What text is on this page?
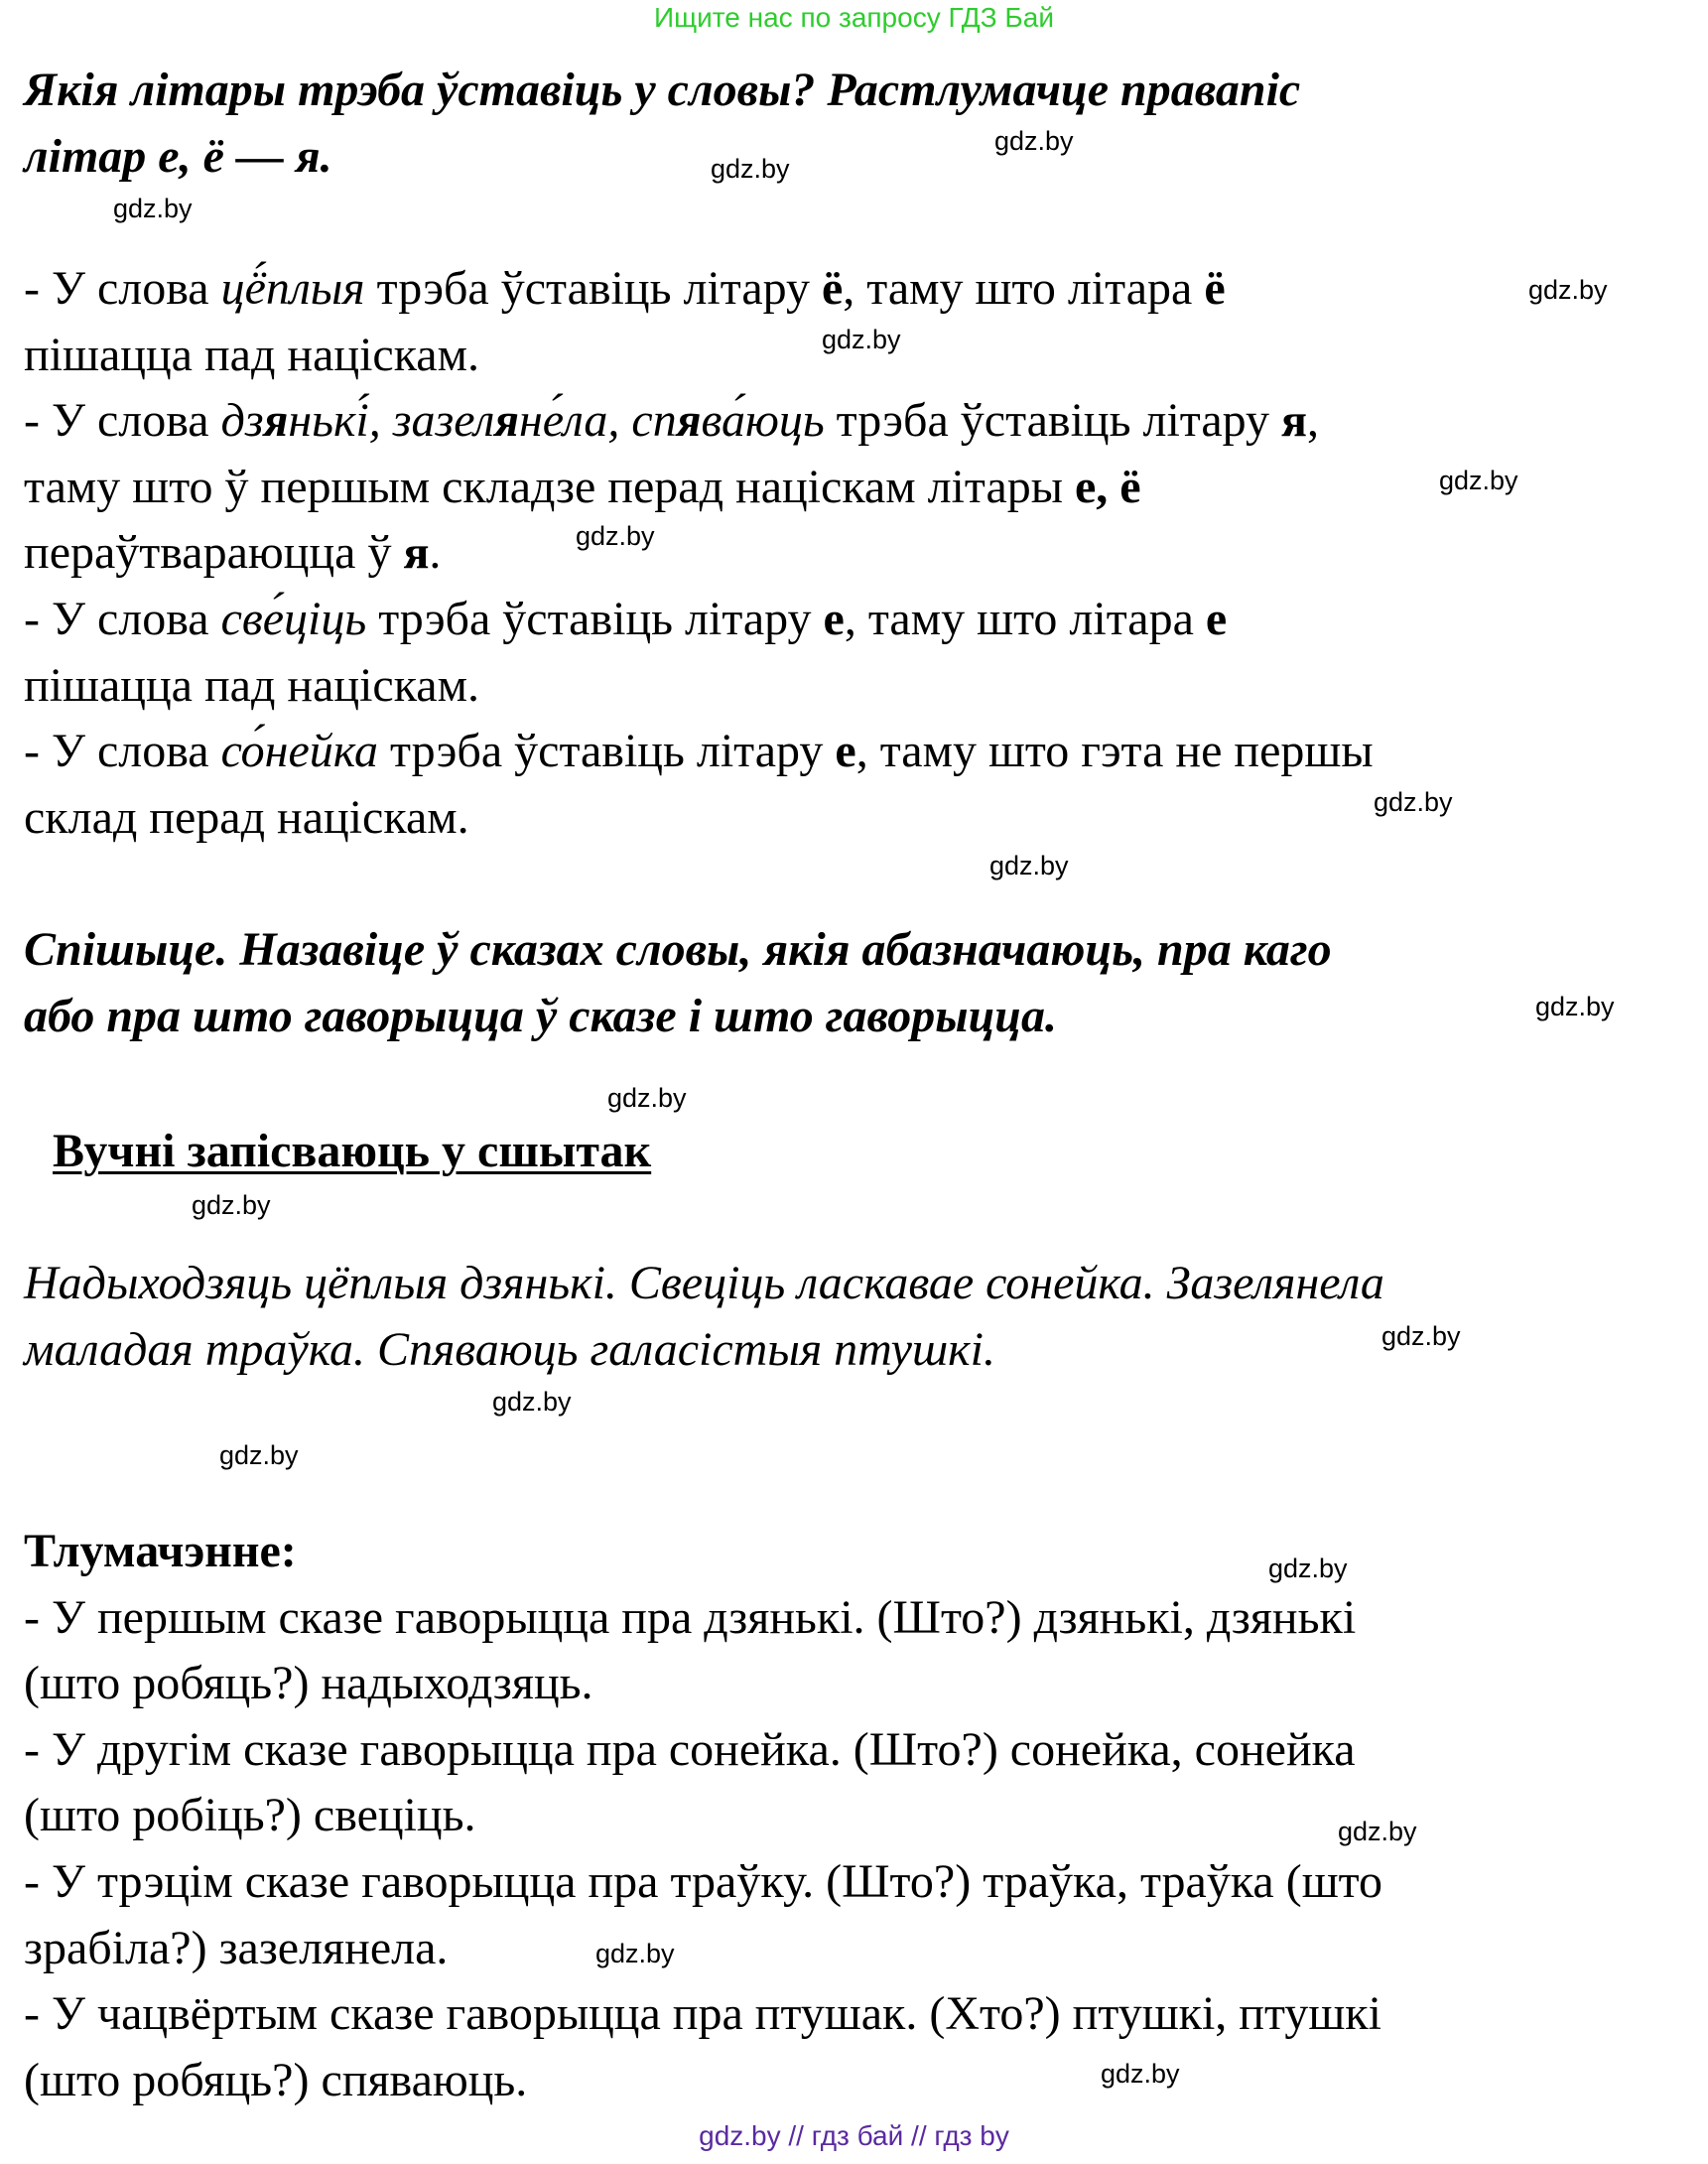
Ищите нас по запросу ГДЗ Бай
Якія літары трэба ўставіць у словы? Растлумачце правапіс
літар е, ё — я.
- У слова цё́плыя трэба ўставіць літару ё, таму што літара ё
пішацца пад націскам.
- У слова дзянькі́, зазеляне́ла, спява́юць трэба ўставіць літару я,
таму што ў першым складзе перад націскам літары е, ё
пераўтвараюцца ў я.
- У слова све́ціць трэба ўставіць літару е, таму што літара е
пішацца пад націскам.
- У слова со́нейка трэба ўставіць літару е, таму што гэта не першы
склад перад націскам.
Спішыце. Назавіце ў сказах словы, якія абазначаюць, пра каго
або пра што гаворыцца ў сказе і што гаворыцца.
Вучні запісваюць у сшытак
Надыходзяць цёплыя дзянькі. Свеціць ласкавае сонейка. Зазелянела
маладая траўка. Спяваюць галасістыя птушкі.
Тлумачэнне:
- У першым сказе гаворыцца пра дзянькі. (Што?) дзянькі, дзянькі
(што робяць?) надыходзяць.
- У другім сказе гаворыцца пра сонейка. (Што?) сонейка, сонейка
(што робіць?) свеціць.
- У трэцім сказе гаворыцца пра траўку. (Што?) траўка, траўка (што
зрабіла?) зазелянела.
- У чацвёртым сказе гаворыцца пра птушак. (Хто?) птушкі, птушкі
(што робяць?) спяваюць.
gdz.by
gdz.by
gdz.by
gdz.by
gdz.by
gdz.by
gdz.by
gdz.by
gdz.by
gdz.by
gdz.by
gdz.by
gdz.by
gdz.by
gdz.by
gdz.by
gdz.by
gdz.by
gdz.by
gdz.by // гдз бай // гдз by
